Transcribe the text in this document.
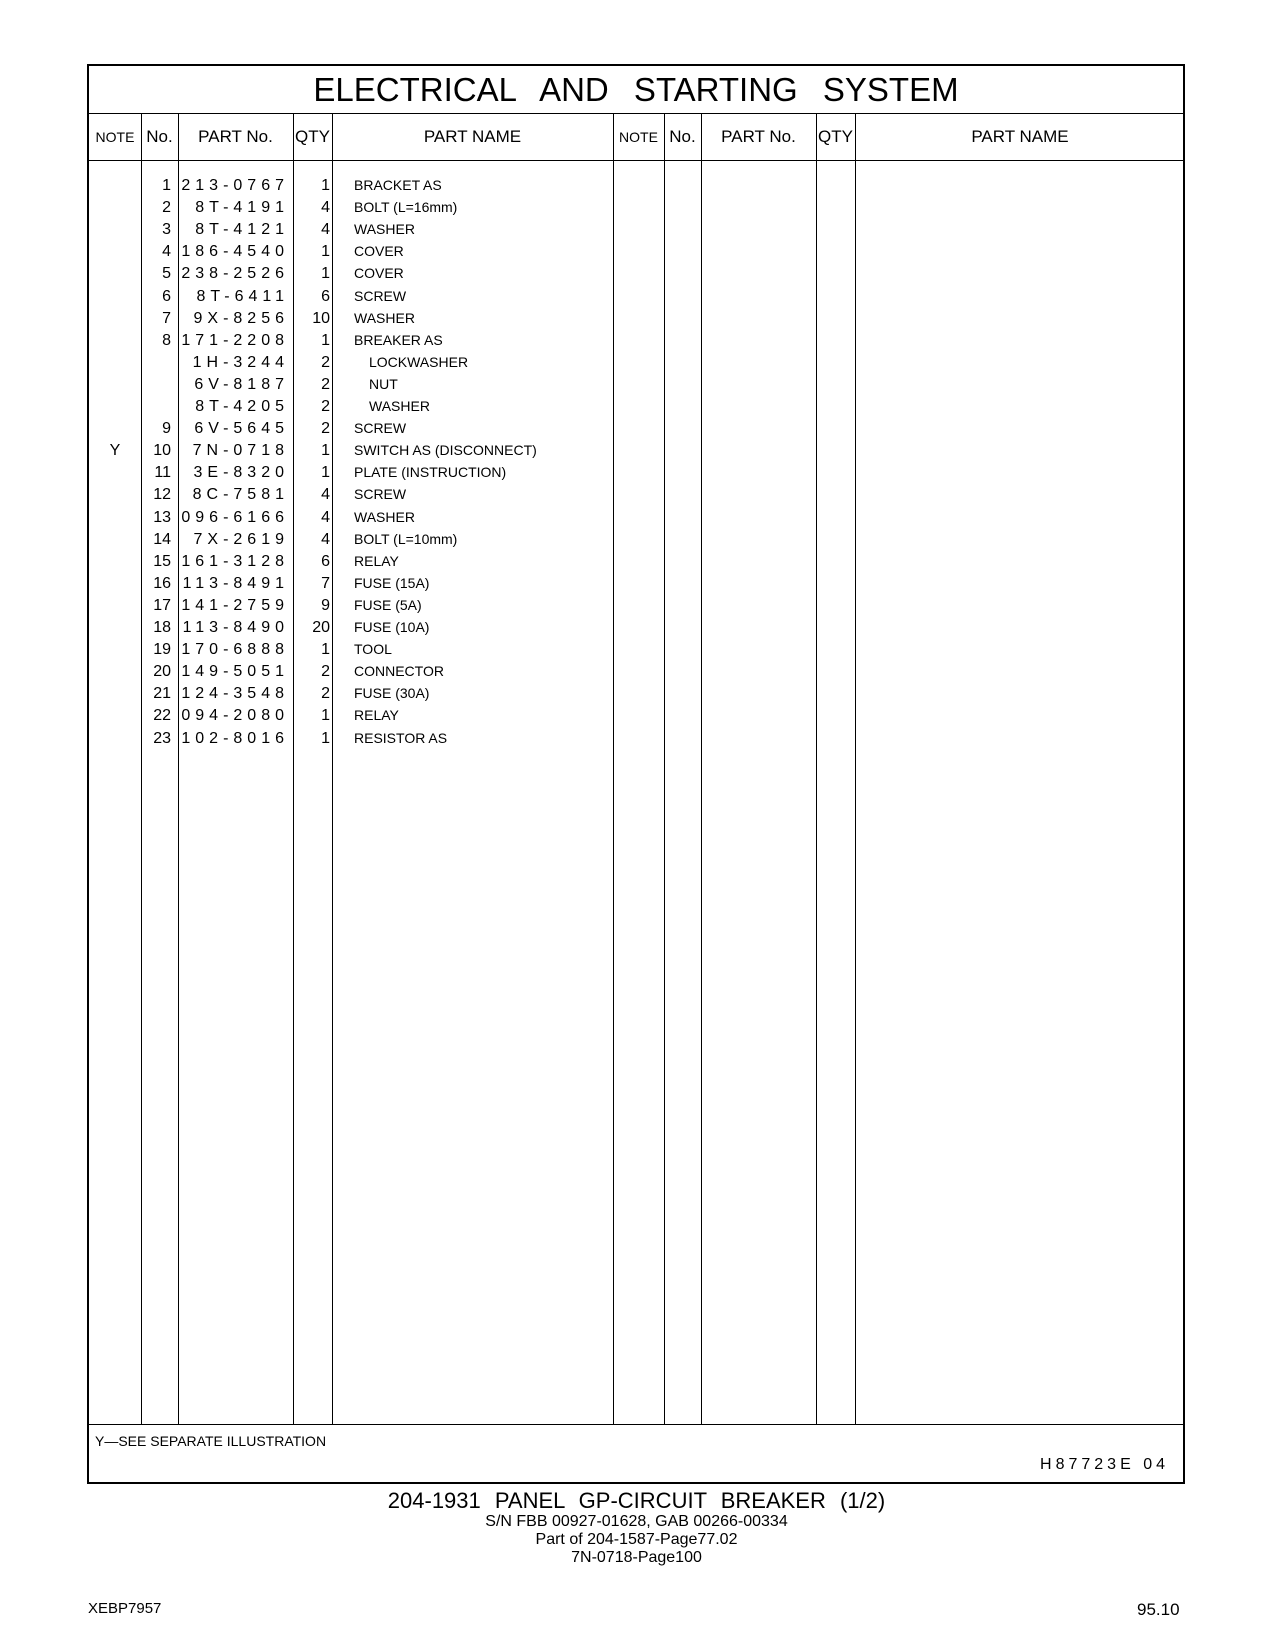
ELECTRICAL AND STARTING SYSTEM
NOTE No.	PART No.	QTY	PART NAME	NOTE No.	PART No.	QTY	PART NAME
1 213-0767	1 BRACKET AS
2	8T-4191	4 BOLT (L=16mm)
3	8T-4121	4 WASHER
4 186-4540	1 COVER
5 238-2526	1 COVER
6	8T-6411	6 SCREW
7	9X-8256	10 WASHER
8 171-2208	1 BREAKER AS
1H-3244	2	LOCKWASHER
6V-8187	2	NUT
8T-4205	2	WASHER
9	6V-5645	2 SCREW
Y	10	7N-0718	1 SWITCH AS (DISCONNECT)
11	3E-8320	1 PLATE (INSTRUCTION)
12	8C-7581	4 SCREW
13 096-6166	4 WASHER
14	7X-2619	4 BOLT (L=10mm)
15 161-3128	6 RELAY
16 113-8491	7 FUSE (15A)
17 141-2759	9 FUSE (5A)
18 113-8490	20 FUSE (10A)
19 170-6888	1 TOOL
20 149-5051	2 CONNECTOR
21 124-3548	2 FUSE (30A)
22 094-2080	1 RELAY
23 102-8016	1 RESISTOR AS
Y—SEE SEPARATE ILLUSTRATION
H87723E 04
204-1931 PANEL GP-CIRCUIT BREAKER (1/2)
S/N FBB 00927-01628, GAB 00266-00334
Part of 204-1587-Page77.02
7N-0718-Page100
XEBP7957	95.10
